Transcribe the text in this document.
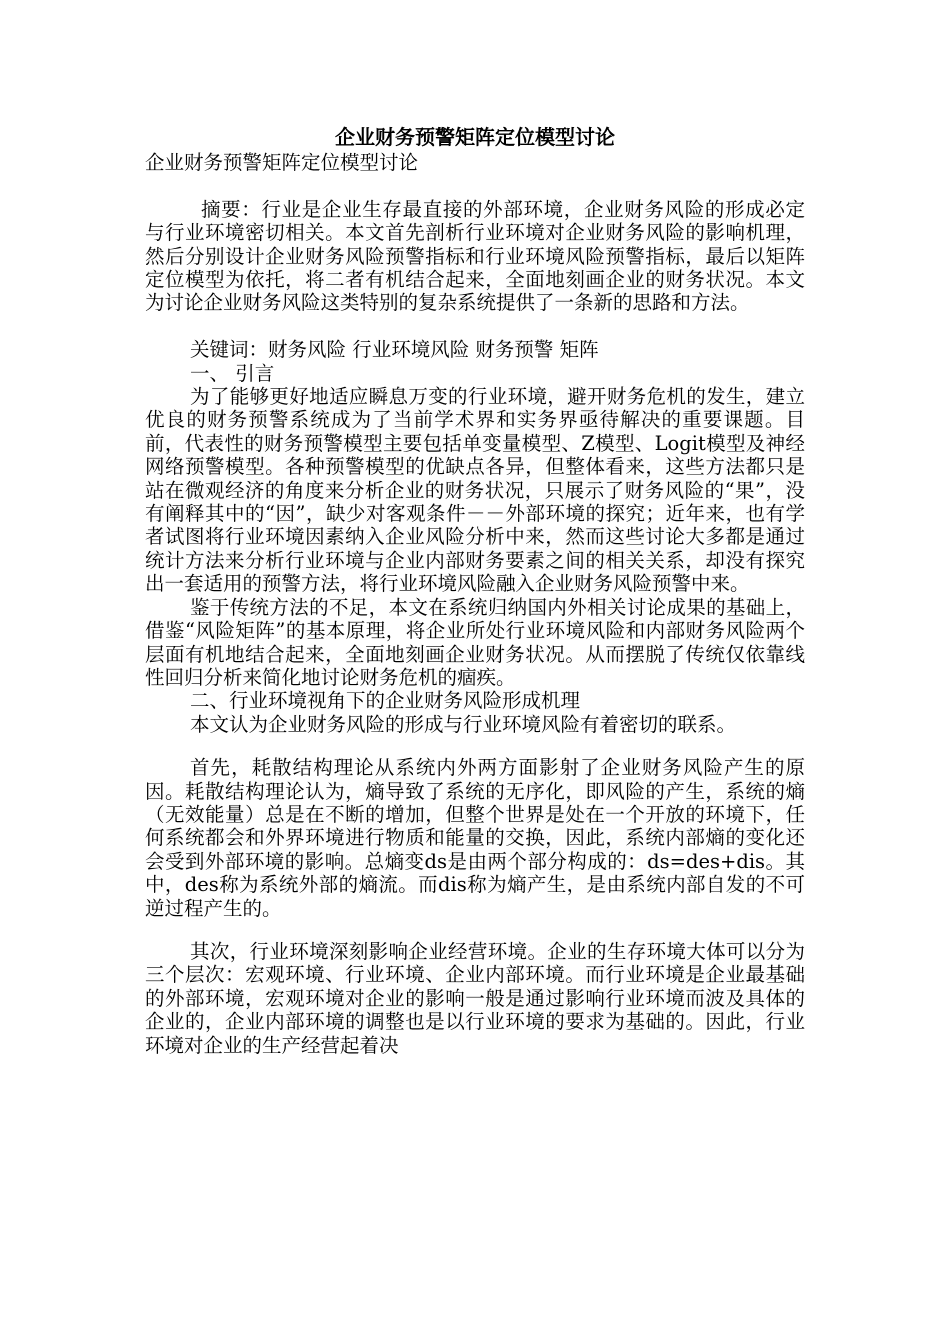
企业财务预警矩阵定位模型讨论

企业财务预警矩阵定位模型讨论

摘要：行业是企业生存最直接的外部环境，企业财务风险的形成必定与行业环境密切相关。本文首先剖析行业环境对企业财务风险的影响机理，然后分别设计企业财务风险预警指标和行业环境风险预警指标，最后以矩阵定位模型为依托，将二者有机结合起来，全面地刻画企业的财务状况。本文为讨论企业财务风险这类特别的复杂系统提供了一条新的思路和方法。

关键词：财务风险 行业环境风险 财务预警 矩阵

一、 引言

为了能够更好地适应瞬息万变的行业环境，避开财务危机的发生，建立优良的财务预警系统成为了当前学术界和实务界亟待解决的重要课题。目前，代表性的财务预警模型主要包括单变量模型、Z模型、Logit模型及神经网络预警模型。各种预警模型的优缺点各异，但整体看来，这些方法都只是站在微观经济的角度来分析企业的财务状况，只展示了财务风险的“果”，没有阐释其中的“因”，缺少对客观条件－－外部环境的探究；近年来，也有学者试图将行业环境因素纳入企业风险分析中来，然而这些讨论大多都是通过统计方法来分析行业环境与企业内部财务要素之间的相关关系，却没有探究出一套适用的预警方法，将行业环境风险融入企业财务风险预警中来。

鉴于传统方法的不足，本文在系统归纳国内外相关讨论成果的基础上，借鉴“风险矩阵”的基本原理，将企业所处行业环境风险和内部财务风险两个层面有机地结合起来，全面地刻画企业财务状况。从而摆脱了传统仅依靠线性回归分析来简化地讨论财务危机的痼疾。

二、行业环境视角下的企业财务风险形成机理

本文认为企业财务风险的形成与行业环境风险有着密切的联系。

首先，耗散结构理论从系统内外两方面影射了企业财务风险产生的原因。耗散结构理论认为，熵导致了系统的无序化，即风险的产生，系统的熵（无效能量）总是在不断的增加，但整个世界是处在一个开放的环境下，任何系统都会和外界环境进行物质和能量的交换，因此，系统内部熵的变化还会受到外部环境的影响。总熵变ds是由两个部分构成的：ds=des+dis。其中，des称为系统外部的熵流。而dis称为熵产生，是由系统内部自发的不可逆过程产生的。

其次，行业环境深刻影响企业经营环境。企业的生存环境大体可以分为三个层次：宏观环境、行业环境、企业内部环境。而行业环境是企业最基础的外部环境，宏观环境对企业的影响一般是通过影响行业环境而波及具体的企业的，企业内部环境的调整也是以行业环境的要求为基础的。因此，行业环境对企业的生产经营起着决
